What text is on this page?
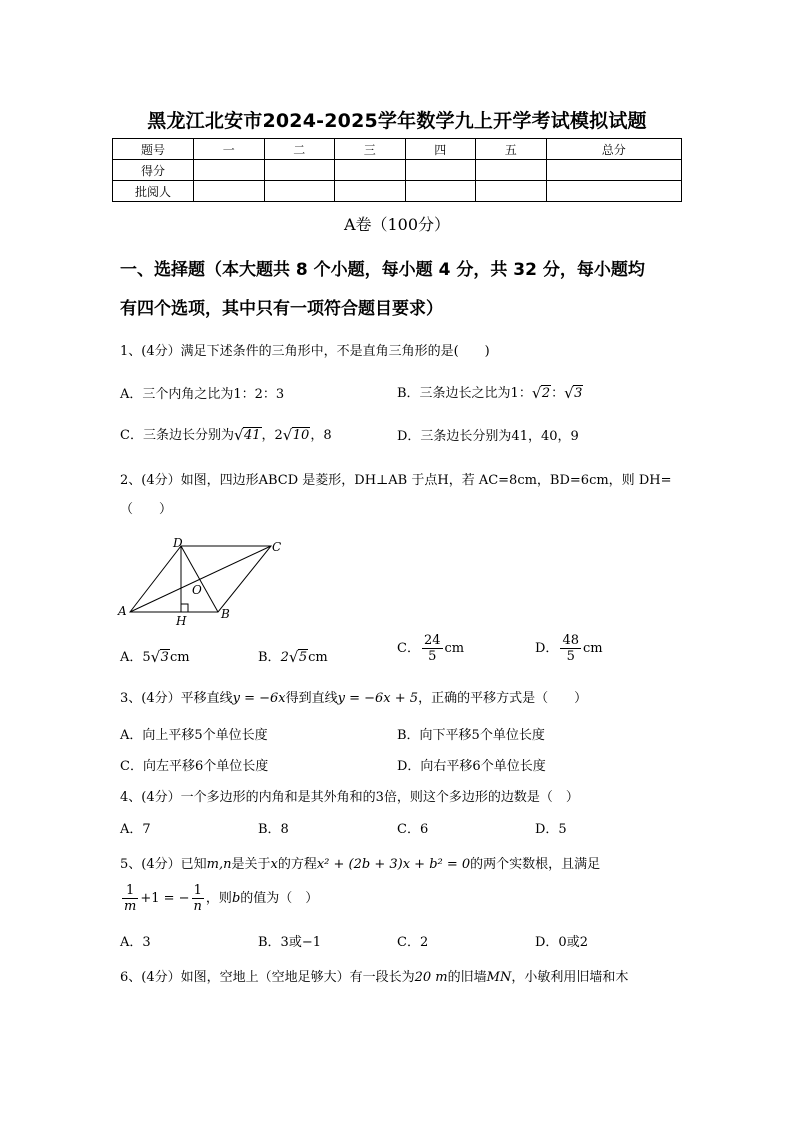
黑龙江北安市2024-2025学年数学九上开学考试模拟试题
题号	一	二	三	四	五	总分
得分						
批阅人						
A卷（100分）
一、选择题（本大题共 8 个小题，每小题 4 分，共 32 分，每小题均
有四个选项，其中只有一项符合题目要求）
1、(4分）满足下述条件的三角形中，不是直角三角形的是(　　)
A．三个内角之比为1：2：3	B．三条边长之比为1： √ 2： √ 3
C．三条边长分别为 √ 41，2 √ 10，8	D．三条边长分别为41，40，9
2、(4分）如图，四边形ABCD 是菱形，DH⊥AB 于点H，若 AC=8cm，BD=6cm，则 DH=
（　　）
A	B
C
D
H
O
A．5 √ 3cm	B．2 √ 5cm
C． $\frac{24}{5}$ cm	D． $\frac{48}{5}$ cm
3、(4分）平移直线y = −6x得到直线y = −6x + 5，正确的平移方式是（　　）
A．向上平移5个单位长度	B．向下平移5个单位长度
C．向左平移6个单位长度	D．向右平移6个单位长度
4、(4分）一个多边形的内角和是其外角和的3倍，则这个多边形的边数是（　）
A．7	B．8	C．6	D．5
5、(4分）已知m,n是关于x的方程x² + (2b + 3)x + b² = 0的两个实数根，且满足
$\frac{1}{m} +1$ = − $\frac{1}{n}$ ，则b的值为（　）
A．3	B．3或−1	C．2	D．0或2
6、(4分）如图，空地上（空地足够大）有一段长为20 m的旧墙MN，小敏利用旧墙和木
